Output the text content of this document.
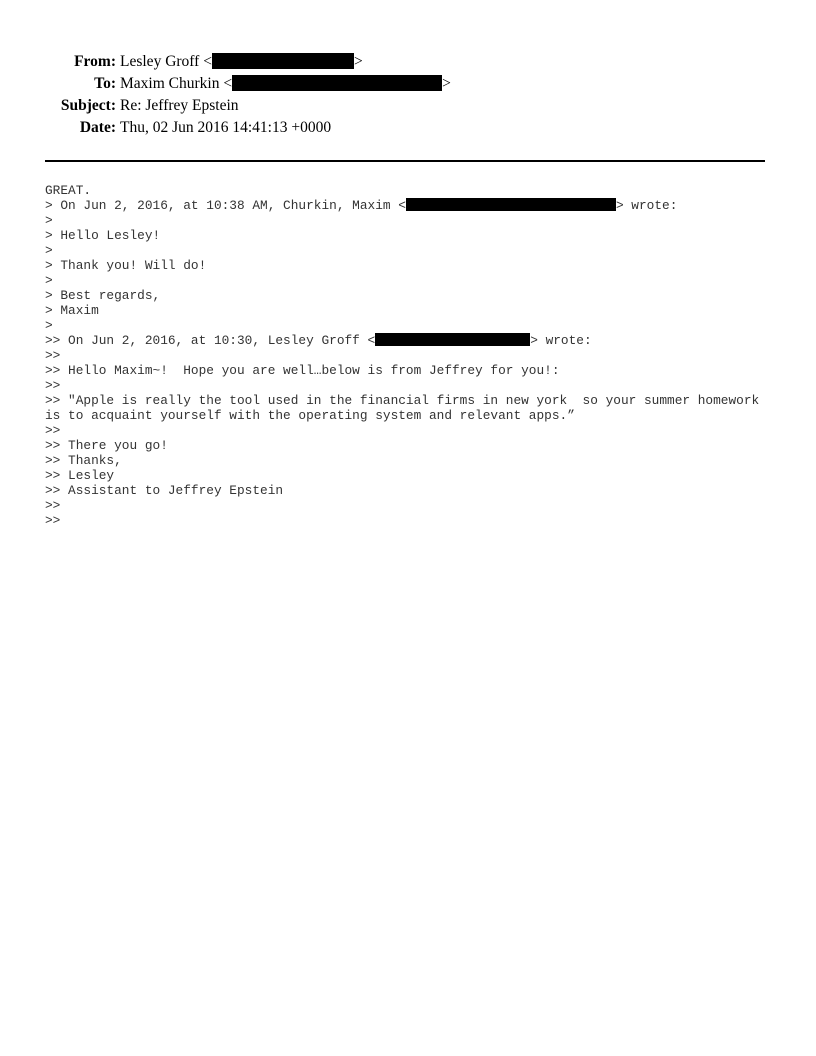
From: Lesley Groff <	>
To: Maxim Churkin <	>
Subject: Re: Jeffrey Epstein
Date: Thu, 02 Jun 2016 14:41:13 +0000
GREAT.
> On Jun 2, 2016, at 10:38 AM, Churkin, Maxim <	> wrote:
>
> Hello Lesley!
>
> Thank you! Will do!
>
> Best regards,
> Maxim
>
>> On Jun 2, 2016, at 10:30, Lesley Groff <	> wrote:
>>
>> Hello Maxim~!  Hope you are well…below is from Jeffrey for you!:
>>
>> "Apple is really the tool used in the financial firms in new york  so your summer homework
is to acquaint yourself with the operating system and relevant apps.”
>>
>> There you go!
>> Thanks,
>> Lesley
>> Assistant to Jeffrey Epstein
>>
>>
